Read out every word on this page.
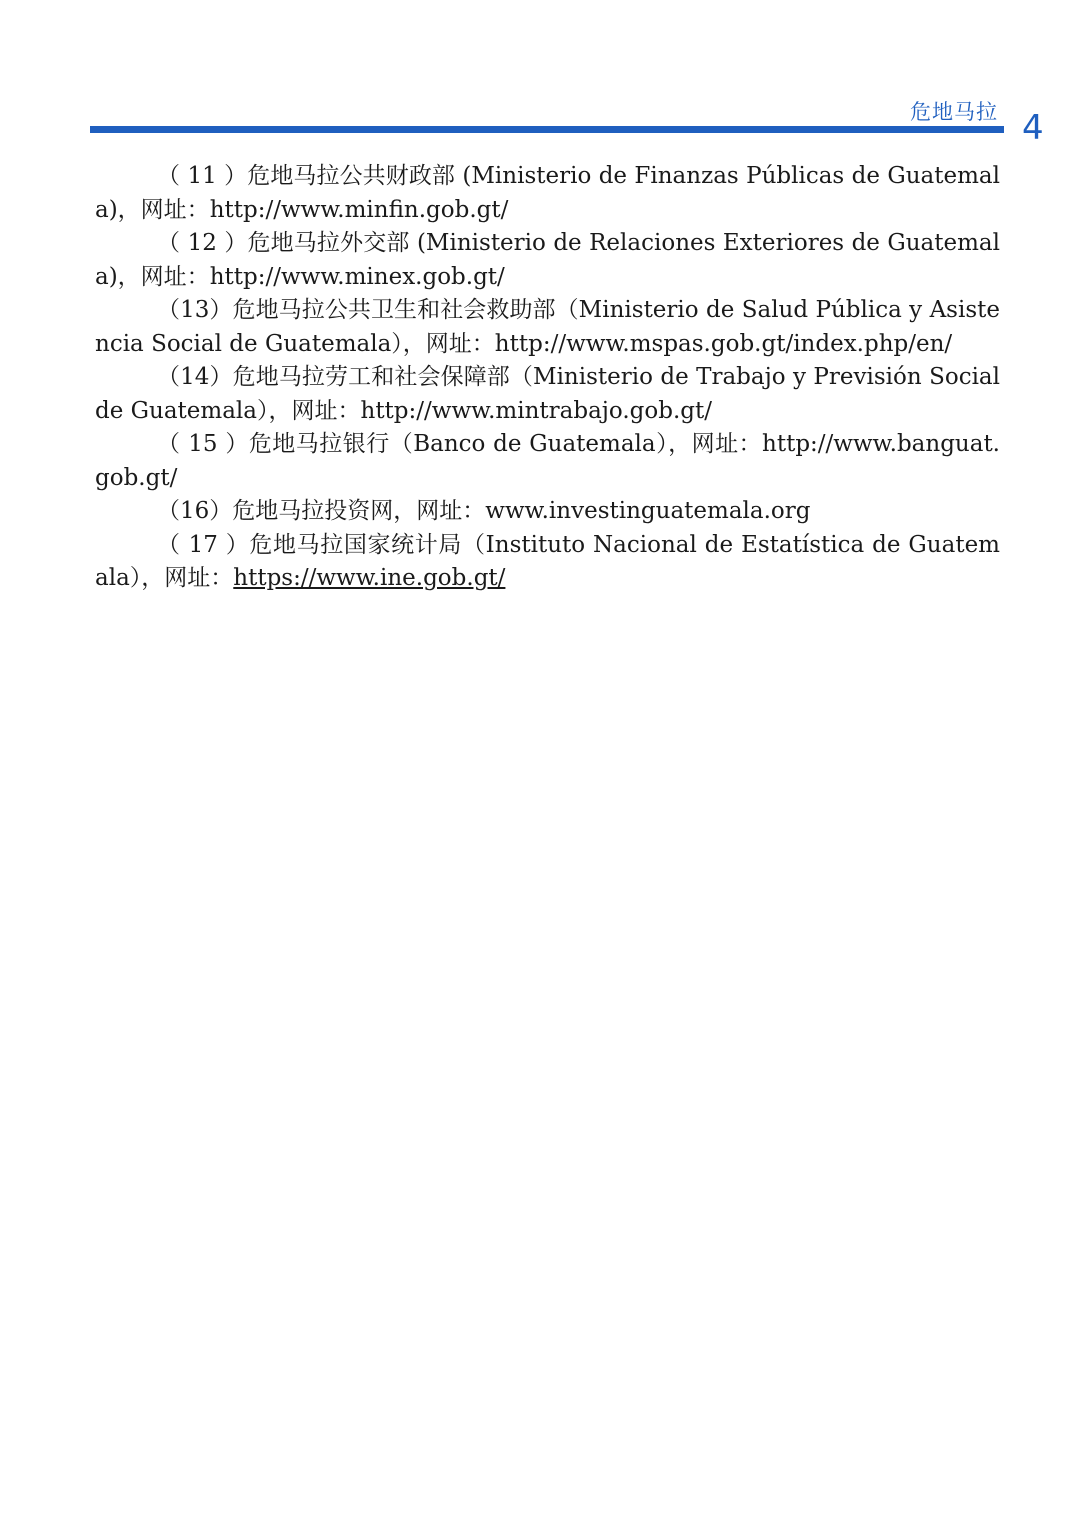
危地马拉 4

（ 11 ）危地马拉公共财政部 (Ministerio de Finanzas Públicas de Guatemala)，网址：http://www.minfin.gob.gt/

（ 12 ）危地马拉外交部 (Ministerio de Relaciones Exteriores de Guatemala)，网址：http://www.minex.gob.gt/

（13）危地马拉公共卫生和社会救助部（Ministerio de Salud Pública y Asistencia Social de Guatemala），网址：http://www.mspas.gob.gt/index.php/en/

（14）危地马拉劳工和社会保障部（Ministerio de Trabajo y Previsión Social de Guatemala），网址：http://www.mintrabajo.gob.gt/

（ 15 ）危地马拉银行（Banco de Guatemala），网址：http://www.banguat.gob.gt/

（16）危地马拉投资网，网址：www.investinguatemala.org

（ 17 ）危地马拉国家统计局（Instituto Nacional de Estatística de Guatemala），网址：https://www.ine.gob.gt/
